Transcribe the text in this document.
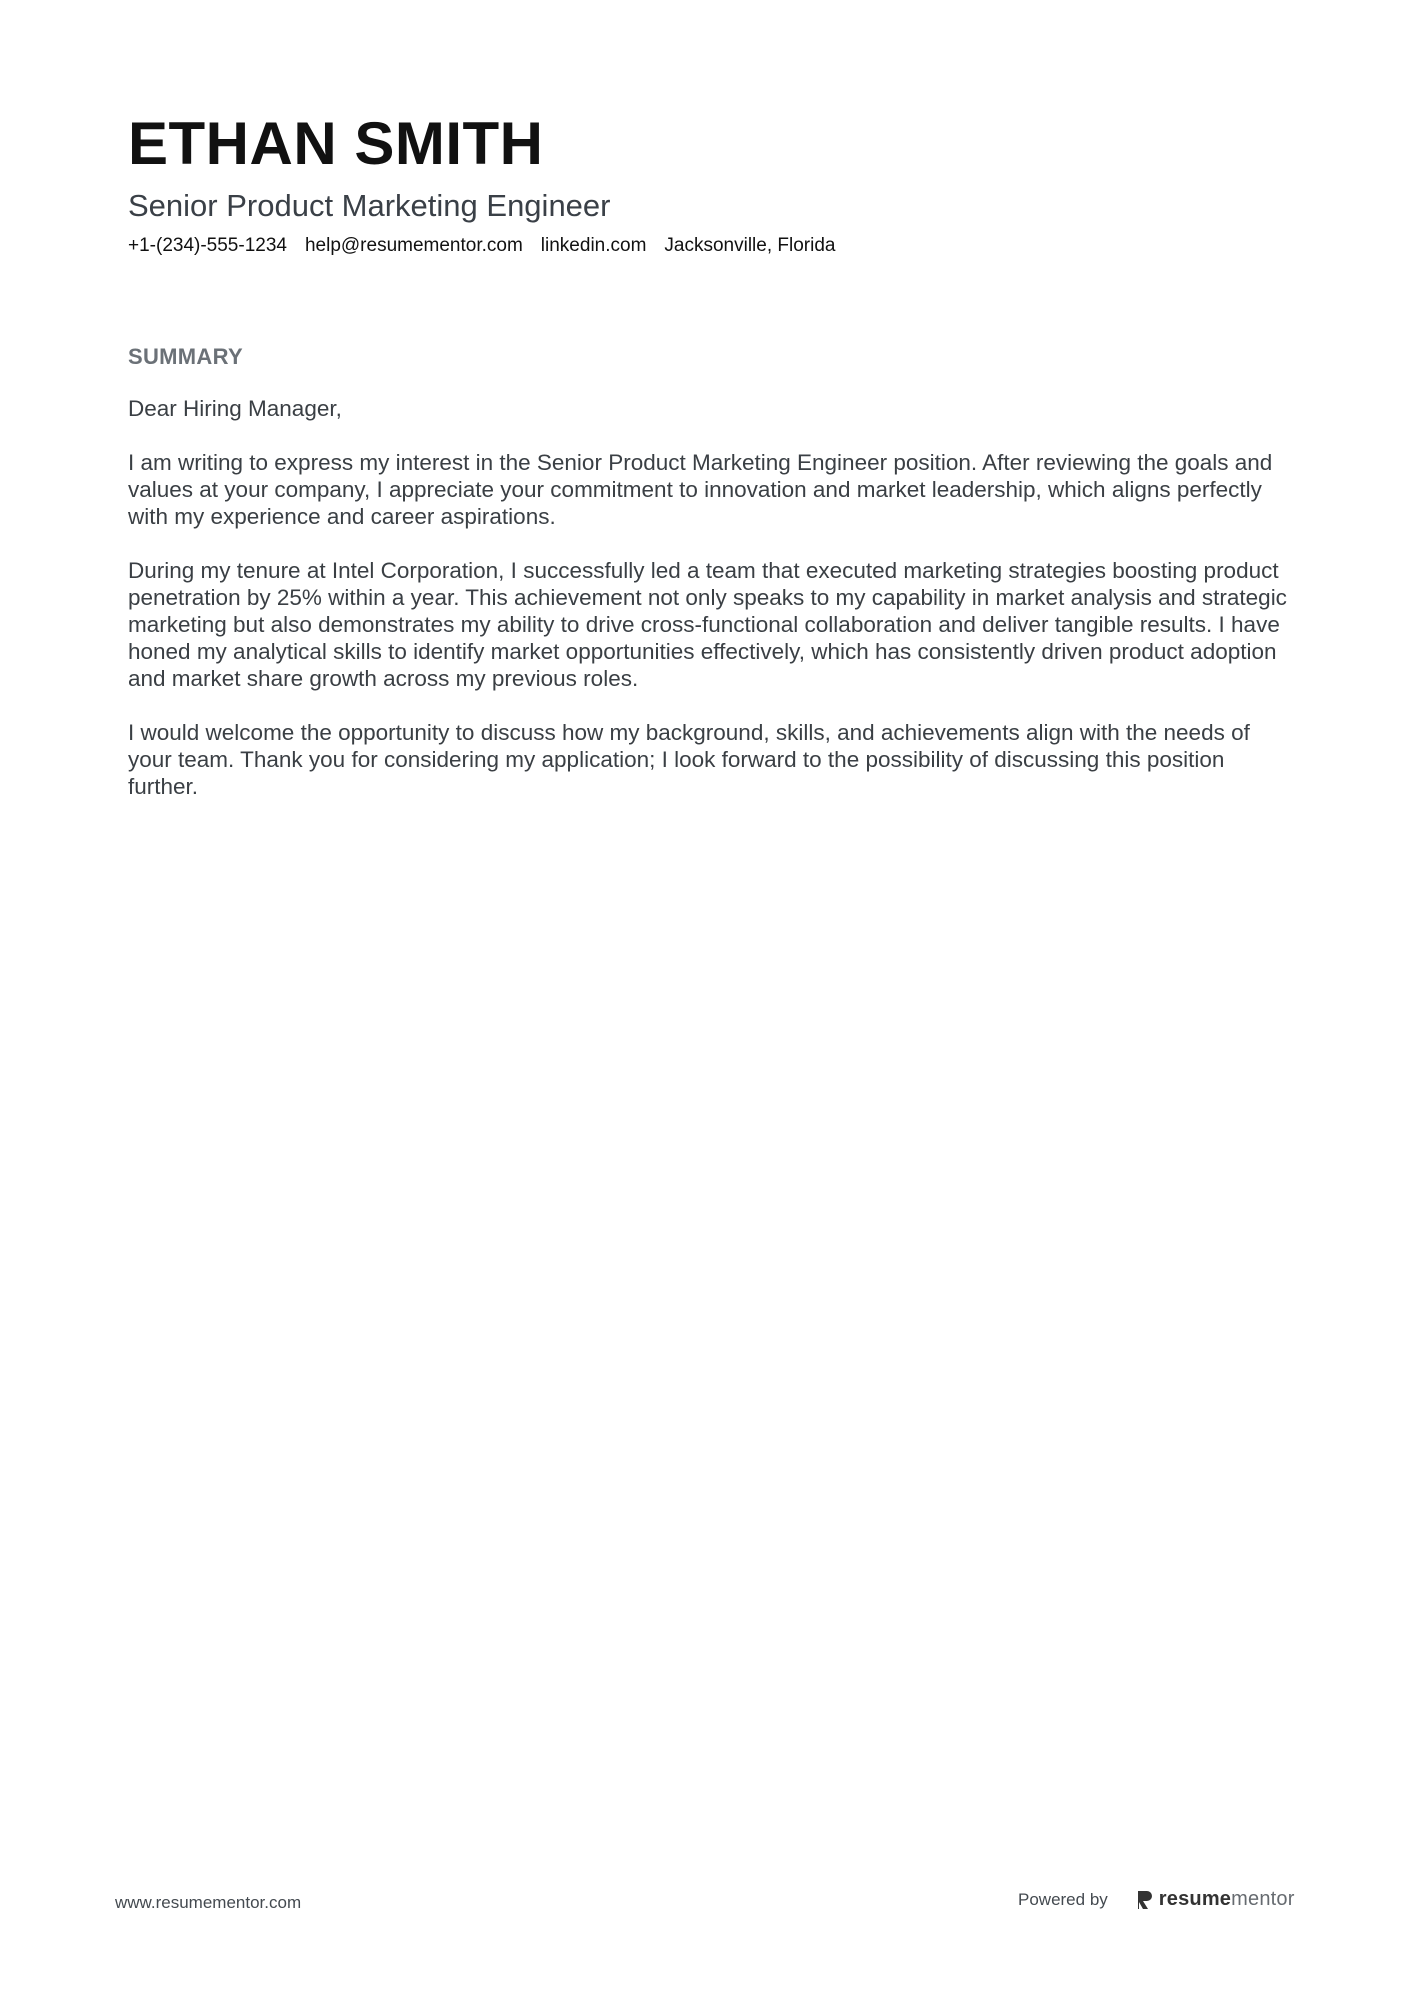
ETHAN SMITH
Senior Product Marketing Engineer
+1-(234)-555-1234 help@resumementor.com linkedin.com Jacksonville, Florida
SUMMARY

Dear Hiring Manager,

I am writing to express my interest in the Senior Product Marketing Engineer position. After reviewing the goals and values at your company, I appreciate your commitment to innovation and market leadership, which aligns perfectly with my experience and career aspirations.

During my tenure at Intel Corporation, I successfully led a team that executed marketing strategies boosting product penetration by 25% within a year. This achievement not only speaks to my capability in market analysis and strategic marketing but also demonstrates my ability to drive cross-functional collaboration and deliver tangible results. I have honed my analytical skills to identify market opportunities effectively, which has consistently driven product adoption and market share growth across my previous roles.

I would welcome the opportunity to discuss how my background, skills, and achievements align with the needs of your team. Thank you for considering my application; I look forward to the possibility of discussing this position further.

www.resumementor.com	Powered by	resumementor
